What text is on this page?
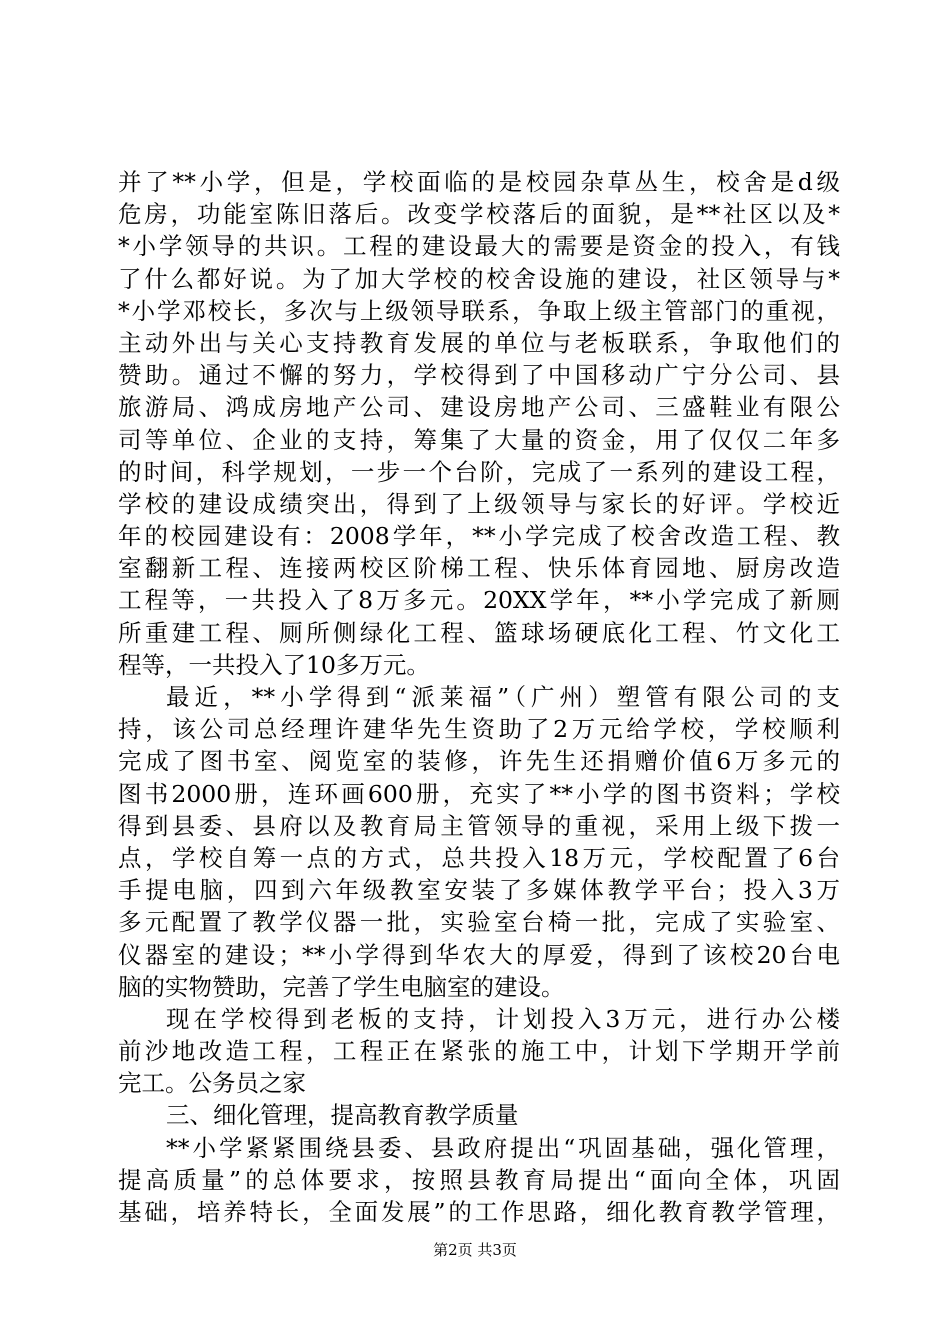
并了**小学，但是，学校面临的是校园杂草丛生，校舍是d级
危房，功能室陈旧落后。改变学校落后的面貌，是**社区以及*
*小学领导的共识。工程的建设最大的需要是资金的投入，有钱
了什么都好说。为了加大学校的校舍设施的建设，社区领导与*
*小学邓校长，多次与上级领导联系，争取上级主管部门的重视，
主动外出与关心支持教育发展的单位与老板联系，争取他们的
赞助。通过不懈的努力，学校得到了中国移动广宁分公司、县
旅游局、鸿成房地产公司、建设房地产公司、三盛鞋业有限公
司等单位、企业的支持，筹集了大量的资金，用了仅仅二年多
的时间，科学规划，一步一个台阶，完成了一系列的建设工程，
学校的建设成绩突出，得到了上级领导与家长的好评。学校近
年的校园建设有：2008学年，**小学完成了校舍改造工程、教
室翻新工程、连接两校区阶梯工程、快乐体育园地、厨房改造
工程等，一共投入了8万多元。20XX学年，**小学完成了新厕
所重建工程、厕所侧绿化工程、篮球场硬底化工程、竹文化工
程等，一共投入了10多万元。
最近，**小学得到“派莱福”（广州）塑管有限公司的支
持，该公司总经理许建华先生资助了2万元给学校，学校顺利
完成了图书室、阅览室的装修，许先生还捐赠价值6万多元的
图书2000册，连环画600册，充实了**小学的图书资料；学校
得到县委、县府以及教育局主管领导的重视，采用上级下拨一
点，学校自筹一点的方式，总共投入18万元，学校配置了6台
手提电脑，四到六年级教室安装了多媒体教学平台；投入3万
多元配置了教学仪器一批，实验室台椅一批，完成了实验室、
仪器室的建设；**小学得到华农大的厚爱，得到了该校20台电
脑的实物赞助，完善了学生电脑室的建设。
现在学校得到老板的支持，计划投入3万元，进行办公楼
前沙地改造工程，工程正在紧张的施工中，计划下学期开学前
完工。公务员之家
三、细化管理，提高教育教学质量
**小学紧紧围绕县委、县政府提出“巩固基础，强化管理，
提高质量”的总体要求，按照县教育局提出“面向全体，巩固
基础，培养特长，全面发展”的工作思路，细化教育教学管理，
第2页 共3页
